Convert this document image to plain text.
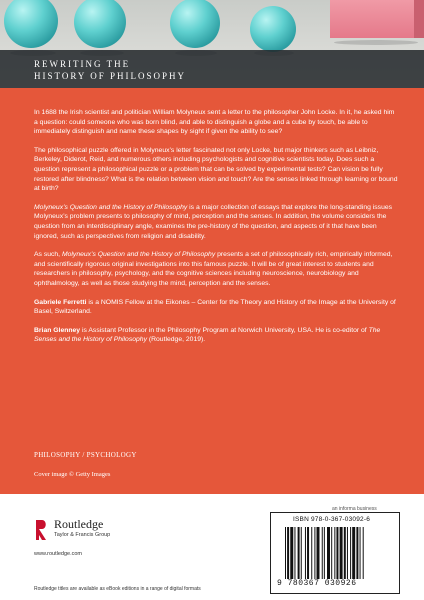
REWRITING THE
HISTORY OF PHILOSOPHY

In 1688 the Irish scientist and politician William Molyneux sent a letter to the philosopher John Locke. In it, he asked him a question: could someone who was born blind, and able to distinguish a globe and a cube by touch, be able to immediately distinguish and name these shapes by sight if given the ability to see?

The philosophical puzzle offered in Molyneux’s letter fascinated not only Locke, but major thinkers such as Leibniz, Berkeley, Diderot, Reid, and numerous others including psychologists and cognitive scientists today. Does such a question represent a philosophical puzzle or a problem that can be solved by experimental tests? Can vision be fully restored after blindness? What is the relation between vision and touch? Are the senses linked through learning or bound at birth?

Molyneux’s Question and the History of Philosophy is a major collection of essays that explore the long-standing issues Molyneux’s problem presents to philosophy of mind, perception and the senses. In addition, the volume considers the question from an interdisciplinary angle, examines the pre-history of the question, and aspects of it that have been ignored, such as perspectives from religion and disability.

As such, Molyneux’s Question and the History of Philosophy presents a set of philosophically rich, empirically informed, and scientifically rigorous original investigations into this famous puzzle. It will be of great interest to students and researchers in philosophy, psychology, and the cognitive sciences including neuroscience, neurobiology and ophthalmology, as well as those studying the mind, perception and the senses.

Gabriele Ferretti is a NOMIS Fellow at the Eikones – Center for the Theory and History of the Image at the University of Basel, Switzerland.

Brian Glenney is Assistant Professor in the Philosophy Program at Norwich University, USA. He is co-editor of The Senses and the History of Philosophy (Routledge, 2019).

PHILOSOPHY / PSYCHOLOGY
Cover image © Getty Images
Routledge
Taylor & Francis Group
www.routledge.com
an informa business
ISBN 978-0-367-03092-6
9 780367 030926
Routledge titles are available as eBook editions in a range of digital formats
